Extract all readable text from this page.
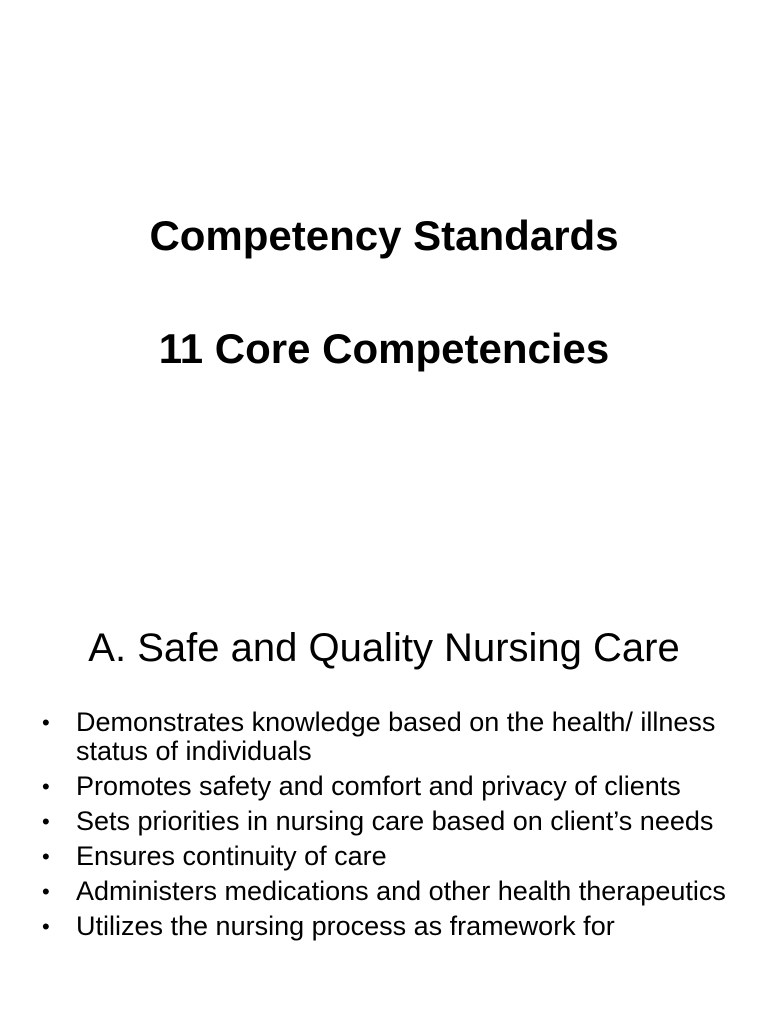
Competency Standards
11 Core Competencies
A. Safe and Quality Nursing Care
• Demonstrates knowledge based on the health/ illness status of individuals
• Promotes safety and comfort and privacy of clients
• Sets priorities in nursing care based on client’s needs
• Ensures continuity of care
• Administers medications and other health therapeutics
• Utilizes the nursing process as framework for
